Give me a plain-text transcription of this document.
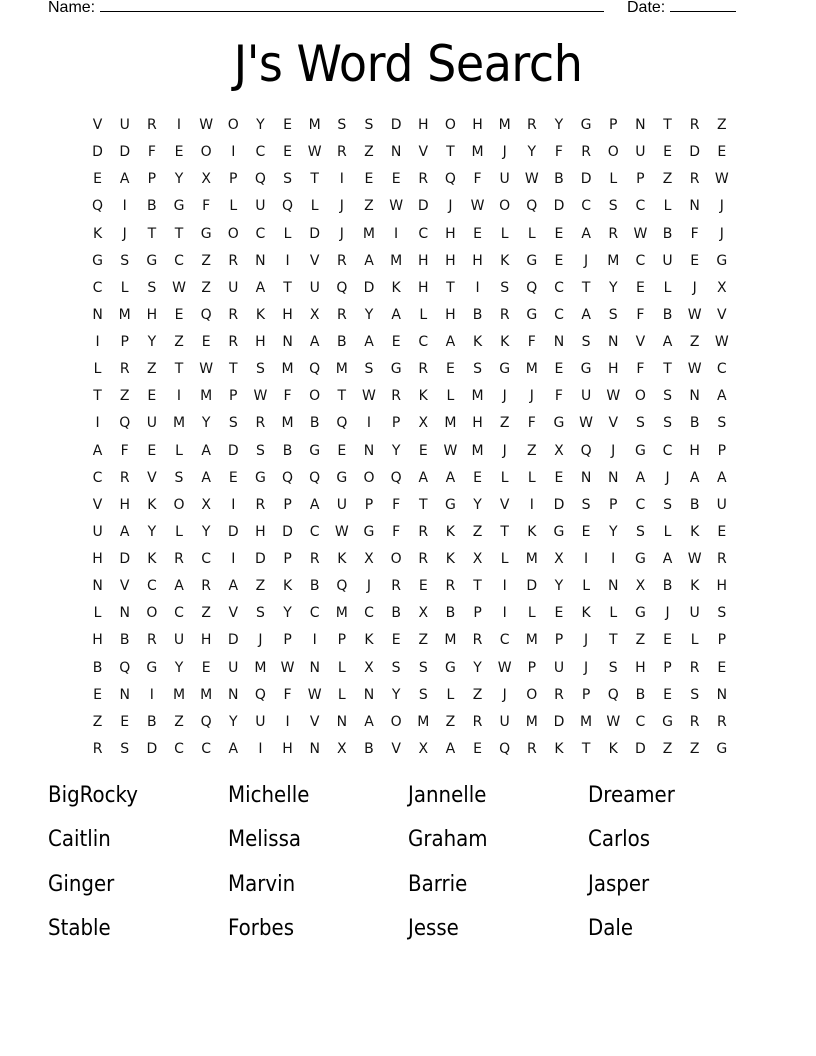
Name:	Date:
J's Word Search
V	U	R	I	W	O	Y	E	M	S	S	D	H	O	H	M	R	Y	G	P	N	T	R	Z
D	D	F	E	O	I	C	E	W	R	Z	N	V	T	M	J	Y	F	R	O	U	E	D	E
E	A	P	Y	X	P	Q	S	T	I	E	E	R	Q	F	U	W	B	D	L	P	Z	R	W
Q	I	B	G	F	L	U	Q	L	J	Z	W	D	J	W	O	Q	D	C	S	C	L	N	J
K	J	T	T	G	O	C	L	D	J	M	I	C	H	E	L	L	E	A	R	W	B	F	J
G	S	G	C	Z	R	N	I	V	R	A	M	H	H	H	K	G	E	J	M	C	U	E	G
C	L	S	W	Z	U	A	T	U	Q	D	K	H	T	I	S	Q	C	T	Y	E	L	J	X
N	M	H	E	Q	R	K	H	X	R	Y	A	L	H	B	R	G	C	A	S	F	B	W	V
I	P	Y	Z	E	R	H	N	A	B	A	E	C	A	K	K	F	N	S	N	V	A	Z	W
L	R	Z	T	W	T	S	M	Q	M	S	G	R	E	S	G	M	E	G	H	F	T	W	C
T	Z	E	I	M	P	W	F	O	T	W	R	K	L	M	J	J	F	U	W	O	S	N	A
I	Q	U	M	Y	S	R	M	B	Q	I	P	X	M	H	Z	F	G	W	V	S	S	B	S
A	F	E	L	A	D	S	B	G	E	N	Y	E	W	M	J	Z	X	Q	J	G	C	H	P
C	R	V	S	A	E	G	Q	Q	G	O	Q	A	A	E	L	L	E	N	N	A	J	A	A
V	H	K	O	X	I	R	P	A	U	P	F	T	G	Y	V	I	D	S	P	C	S	B	U
U	A	Y	L	Y	D	H	D	C	W	G	F	R	K	Z	T	K	G	E	Y	S	L	K	E
H	D	K	R	C	I	D	P	R	K	X	O	R	K	X	L	M	X	I	I	G	A	W	R
N	V	C	A	R	A	Z	K	B	Q	J	R	E	R	T	I	D	Y	L	N	X	B	K	H
L	N	O	C	Z	V	S	Y	C	M	C	B	X	B	P	I	L	E	K	L	G	J	U	S
H	B	R	U	H	D	J	P	I	P	K	E	Z	M	R	C	M	P	J	T	Z	E	L	P
B	Q	G	Y	E	U	M	W	N	L	X	S	S	G	Y	W	P	U	J	S	H	P	R	E
E	N	I	M	M	N	Q	F	W	L	N	Y	S	L	Z	J	O	R	P	Q	B	E	S	N
Z	E	B	Z	Q	Y	U	I	V	N	A	O	M	Z	R	U	M	D	M	W	C	G	R	R
R	S	D	C	C	A	I	H	N	X	B	V	X	A	E	Q	R	K	T	K	D	Z	Z	G
BigRocky	Michelle	Jannelle	Dreamer
Caitlin	Melissa	Graham	Carlos
Ginger	Marvin	Barrie	Jasper
Stable	Forbes	Jesse	Dale
